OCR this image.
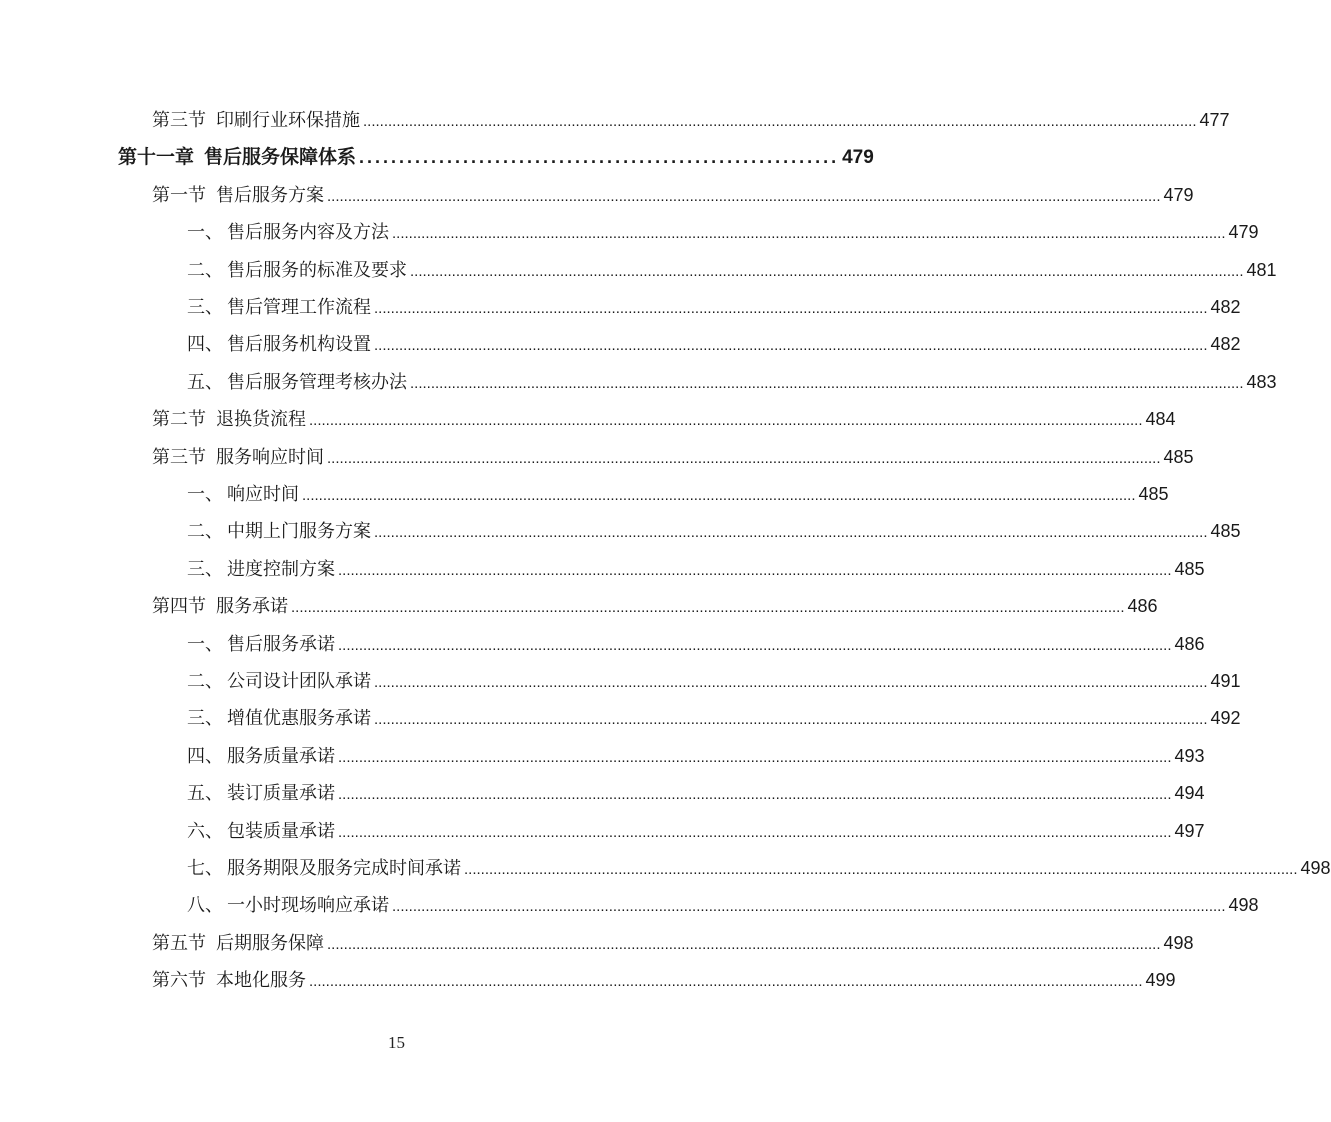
第三节 印刷行业环保措施 ........................................................................................................................................................................................................ 477
第十一章 售后服务保障体系 ............................................................ 479
第一节 售后服务方案 ........................................................................................................................................................................................................ 479
一、 售后服务内容及方法 ........................................................................................................................................................................................................ 479
二、 售后服务的标准及要求 ........................................................................................................................................................................................................ 481
三、 售后管理工作流程 ........................................................................................................................................................................................................ 482
四、 售后服务机构设置 ........................................................................................................................................................................................................ 482
五、 售后服务管理考核办法 ........................................................................................................................................................................................................ 483
第二节 退换货流程 ........................................................................................................................................................................................................ 484
第三节 服务响应时间 ........................................................................................................................................................................................................ 485
一、 响应时间 ........................................................................................................................................................................................................ 485
二、 中期上门服务方案 ........................................................................................................................................................................................................ 485
三、 进度控制方案 ........................................................................................................................................................................................................ 485
第四节 服务承诺 ........................................................................................................................................................................................................ 486
一、 售后服务承诺 ........................................................................................................................................................................................................ 486
二、 公司设计团队承诺 ........................................................................................................................................................................................................ 491
三、 增值优惠服务承诺 ........................................................................................................................................................................................................ 492
四、 服务质量承诺 ........................................................................................................................................................................................................ 493
五、 装订质量承诺 ........................................................................................................................................................................................................ 494
六、 包装质量承诺 ........................................................................................................................................................................................................ 497
七、 服务期限及服务完成时间承诺 ........................................................................................................................................................................................................ 498
八、 一小时现场响应承诺 ........................................................................................................................................................................................................ 498
第五节 后期服务保障 ........................................................................................................................................................................................................ 498
第六节 本地化服务 ........................................................................................................................................................................................................ 499
15
